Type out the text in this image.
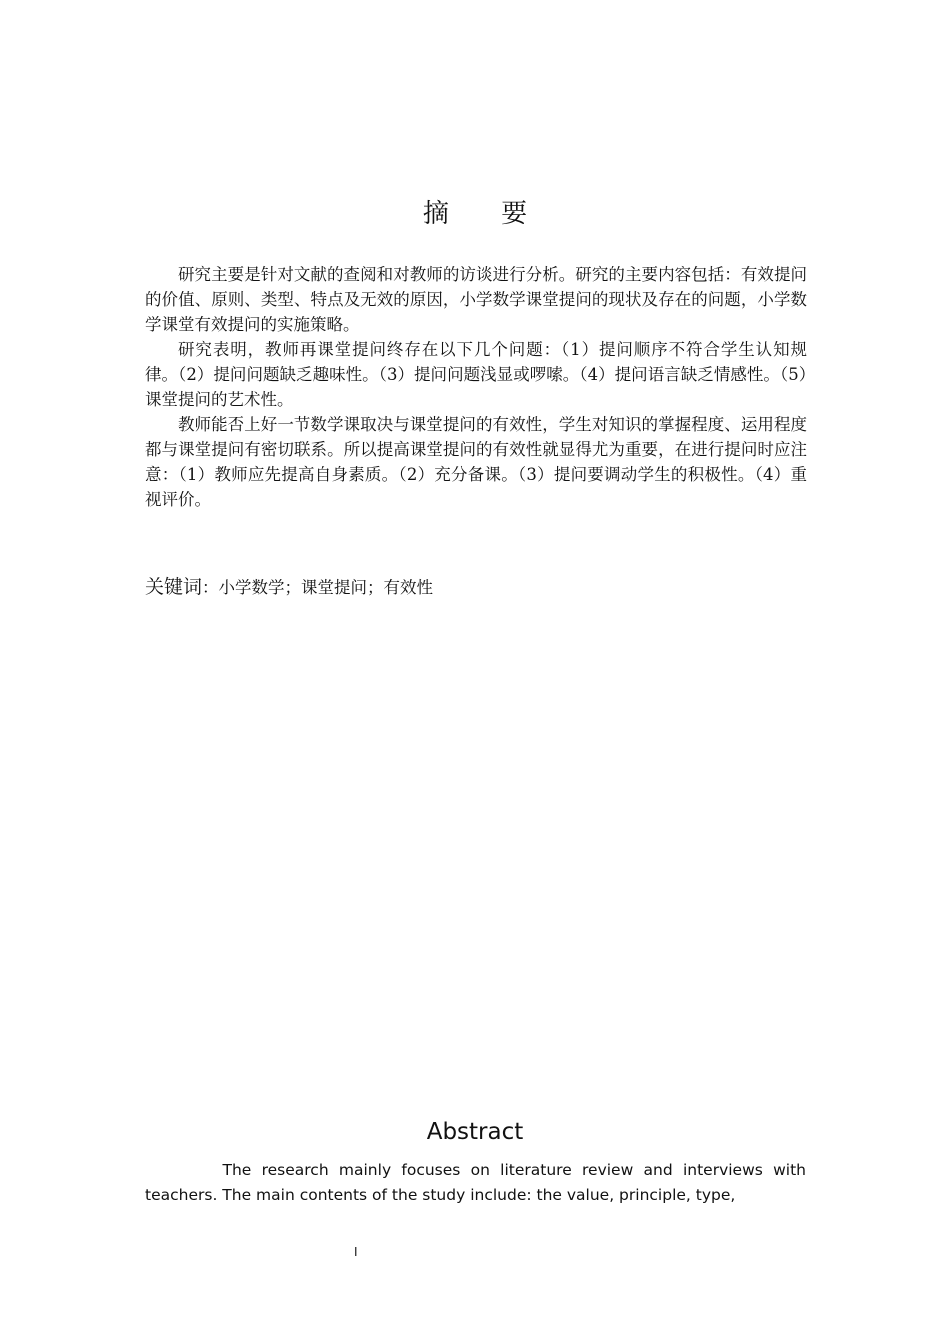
摘 要

研究主要是针对文献的查阅和对教师的访谈进行分析。研究的主要内容包括：有效提问的价值、原则、类型、特点及无效的原因，小学数学课堂提问的现状及存在的问题，小学数学课堂有效提问的实施策略。

研究表明，教师再课堂提问终存在以下几个问题：（1）提问顺序不符合学生认知规律。（2）提问问题缺乏趣味性。（3）提问问题浅显或啰嗦。（4）提问语言缺乏情感性。（5）课堂提问的艺术性。

教师能否上好一节数学课取决与课堂提问的有效性，学生对知识的掌握程度、运用程度都与课堂提问有密切联系。所以提高课堂提问的有效性就显得尤为重要，在进行提问时应注意：（1）教师应先提高自身素质。（2）充分备课。（3）提问要调动学生的积极性。（4）重视评价。

关键词：小学数学；课堂提问；有效性
Abstract

The research mainly focuses on literature review and interviews with teachers. The main contents of the study include: the value, principle, type,

I
